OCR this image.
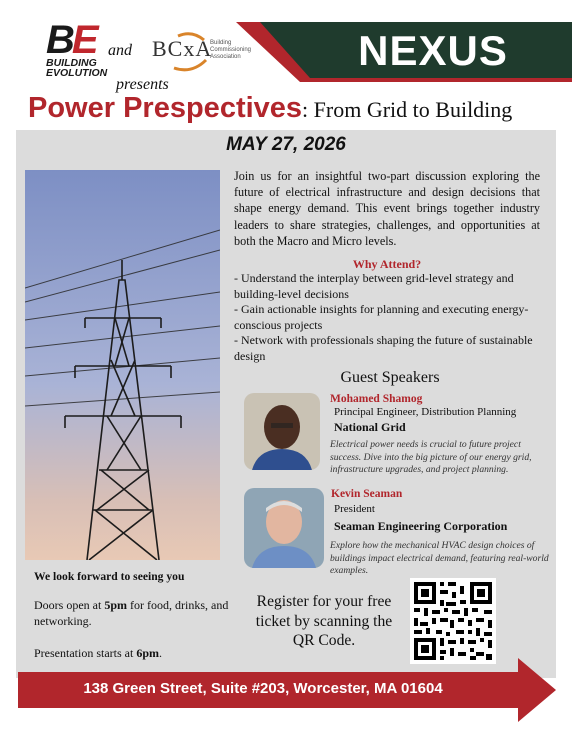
BE
BUILDING
EVOLUTION
and
presents
BCxA
Building Commissioning Association	NEXUS
Power Prespectives: From Grid to Building
MAY 27, 2026
Join us for an insightful two-part discussion exploring the future of electrical infrastructure and design decisions that shape energy demand. This event brings together industry leaders to share strategies, challenges, and opportunities at both the Macro and Micro levels.
Why Attend?
- Understand the interplay between grid-level strategy and building-level decisions
- Gain actionable insights for planning and executing energy-conscious projects
- Network with professionals shaping the future of sustainable design
Guest Speakers
Mohamed Shamog
Principal Engineer, Distribution Planning
National Grid
Electrical power needs is crucial to future project success. Dive into the big picture of our energy grid, infrastructure upgrades, and project planning.
Kevin Seaman
President
Seaman Engineering Corporation
Explore how the mechanical HVAC design choices of buildings impact electrical demand, featuring real-world examples.
We look forward to seeing you
Doors open at 5pm for food, drinks, and networking.
Presentation starts at 6pm.
Register for your free ticket by scanning the QR Code.
138 Green Street, Suite #203, Worcester, MA 01604
